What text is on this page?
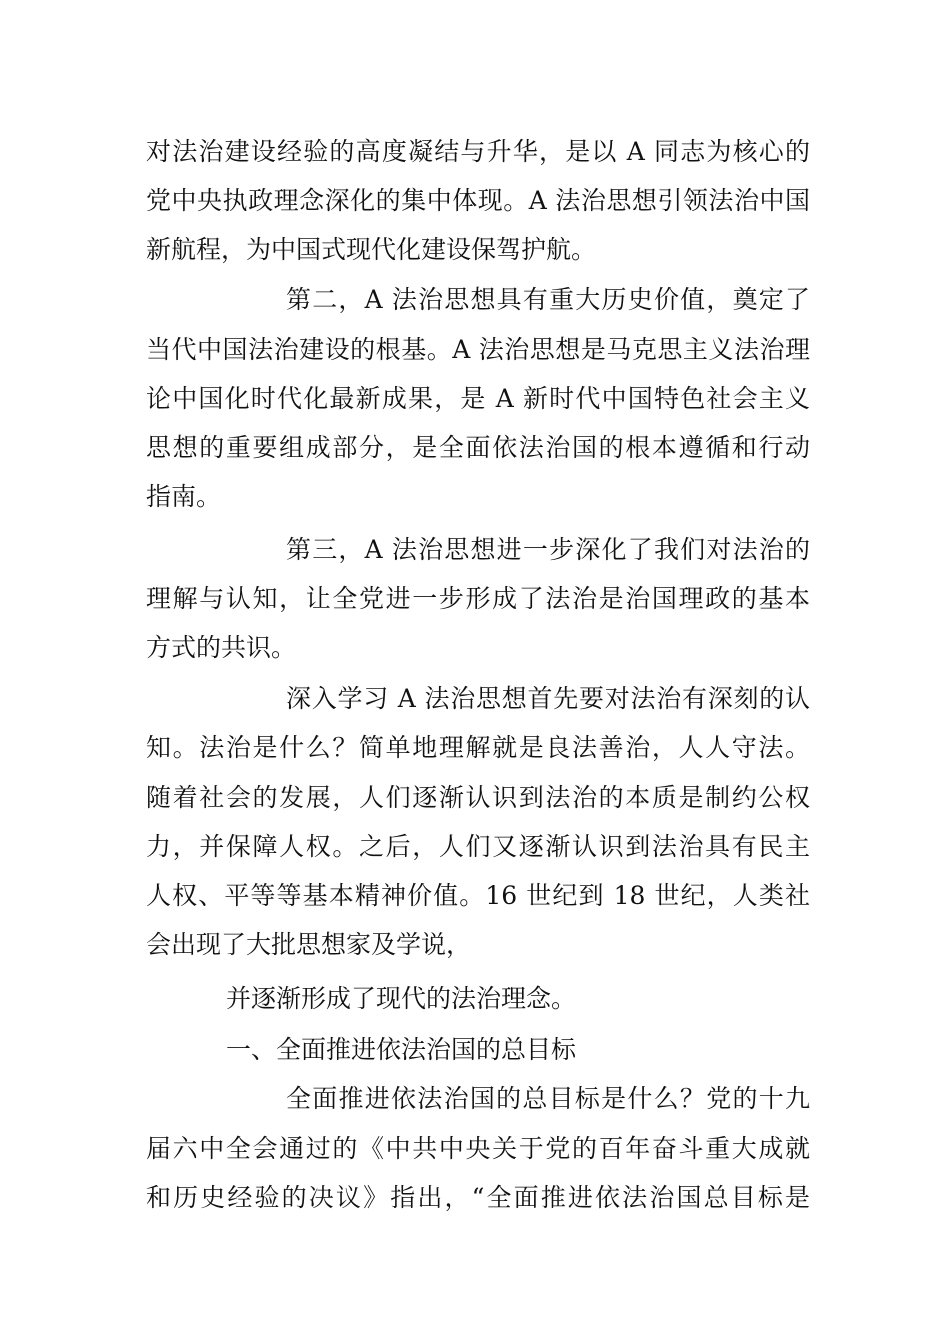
对法治建设经验的高度凝结与升华，是以 A 同志为核心的
党中央执政理念深化的集中体现。A 法治思想引领法治中国
新航程，为中国式现代化建设保驾护航。
第二，A 法治思想具有重大历史价值，奠定了
当代中国法治建设的根基。A 法治思想是马克思主义法治理
论中国化时代化最新成果，是 A 新时代中国特色社会主义
思想的重要组成部分，是全面依法治国的根本遵循和行动
指南。
第三，A 法治思想进一步深化了我们对法治的
理解与认知，让全党进一步形成了法治是治国理政的基本
方式的共识。
深入学习 A 法治思想首先要对法治有深刻的认
知。法治是什么？简单地理解就是良法善治，人人守法。
随着社会的发展，人们逐渐认识到法治的本质是制约公权
力，并保障人权。之后，人们又逐渐认识到法治具有民主
人权、平等等基本精神价值。16 世纪到 18 世纪，人类社
会出现了大批思想家及学说，
并逐渐形成了现代的法治理念。
一、全面推进依法治国的总目标
全面推进依法治国的总目标是什么？党的十九
届六中全会通过的《中共中央关于党的百年奋斗重大成就
和历史经验的决议》指出，“全面推进依法治国总目标是
